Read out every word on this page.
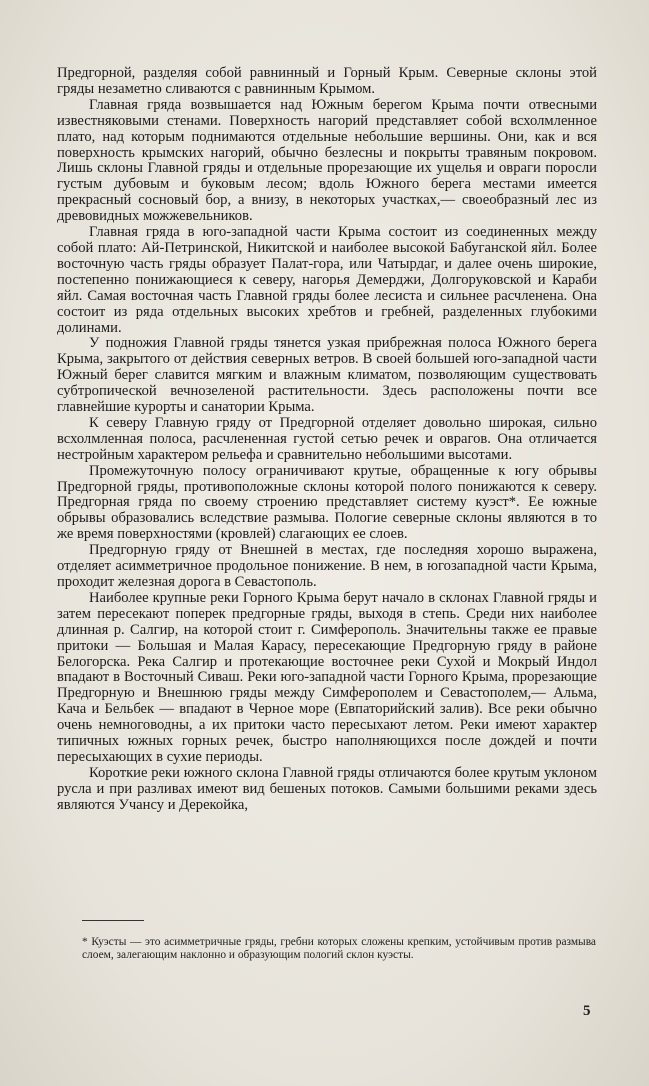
Предгорной, разделяя собой равнинный и Горный Крым. Северные склоны этой гряды незаметно сливаются с равнинным Крымом.

Главная гряда возвышается над Южным берегом Крыма почти отвесными известняковыми стенами. Поверхность нагорий представляет собой всхолмленное плато, над которым поднимаются отдельные небольшие вершины. Они, как и вся поверхность крымских нагорий, обычно безлесны и покрыты травяным покровом. Лишь склоны Главной гряды и отдельные прорезающие их ущелья и овраги поросли густым дубовым и буковым лесом; вдоль Южного берега местами имеется прекрасный сосновый бор, а внизу, в некоторых участках,— своеобразный лес из древовидных можжевельников.

Главная гряда в юго-западной части Крыма состоит из соединенных между собой плато: Ай-Петринской, Никитской и наиболее высокой Бабуганской яйл. Более восточную часть гряды образует Палат-гора, или Чатырдаг, и далее очень широкие, постепенно понижающиеся к северу, нагорья Демерджи, Долгоруковской и Караби яйл. Самая восточная часть Главной гряды более лесиста и сильнее расчленена. Она состоит из ряда отдельных высоких хребтов и гребней, разделенных глубокими долинами.

У подножия Главной гряды тянется узкая прибрежная полоса Южного берега Крыма, закрытого от действия северных ветров. В своей большей юго-западной части Южный берег славится мягким и влажным климатом, позволяющим существовать субтропической вечнозеленой растительности. Здесь расположены почти все главнейшие курорты и санатории Крыма.

К северу Главную гряду от Предгорной отделяет довольно широкая, сильно всхолмленная полоса, расчлененная густой сетью речек и оврагов. Она отличается нестройным характером рельефа и сравнительно небольшими высотами.

Промежуточную полосу ограничивают крутые, обращенные к югу обрывы Предгорной гряды, противоположные склоны которой полого понижаются к северу. Предгорная гряда по своему строению представляет систему куэст*. Ее южные обрывы образовались вследствие размыва. Пологие северные склоны являются в то же время поверхностями (кровлей) слагающих ее слоев.

Предгорную гряду от Внешней в местах, где последняя хорошо выражена, отделяет асимметричное продольное понижение. В нем, в югозападной части Крыма, проходит железная дорога в Севастополь.

Наиболее крупные реки Горного Крыма берут начало в склонах Главной гряды и затем пересекают поперек предгорные гряды, выходя в степь. Среди них наиболее длинная р. Салгир, на которой стоит г. Симферополь. Значительны также ее правые притоки — Большая и Малая Карасу, пересекающие Предгорную гряду в районе Белогорска. Река Салгир и протекающие восточнее реки Сухой и Мокрый Индол впадают в Восточный Сиваш. Реки юго-западной части Горного Крыма, прорезающие Предгорную и Внешнюю гряды между Симферополем и Севастополем,— Альма, Кача и Бельбек — впадают в Черное море (Евпаторийский залив). Все реки обычно очень немноговодны, а их притоки часто пересыхают летом. Реки имеют характер типичных южных горных речек, быстро наполняющихся после дождей и почти пересыхающих в сухие периоды.

Короткие реки южного склона Главной гряды отличаются более крутым уклоном русла и при разливах имеют вид бешеных потоков. Самыми большими реками здесь являются Учансу и Дерекойка,

* Куэсты — это асимметричные гряды, гребни которых сложены крепким, устойчивым против размыва слоем, залегающим наклонно и образующим пологий склон куэсты.
5
